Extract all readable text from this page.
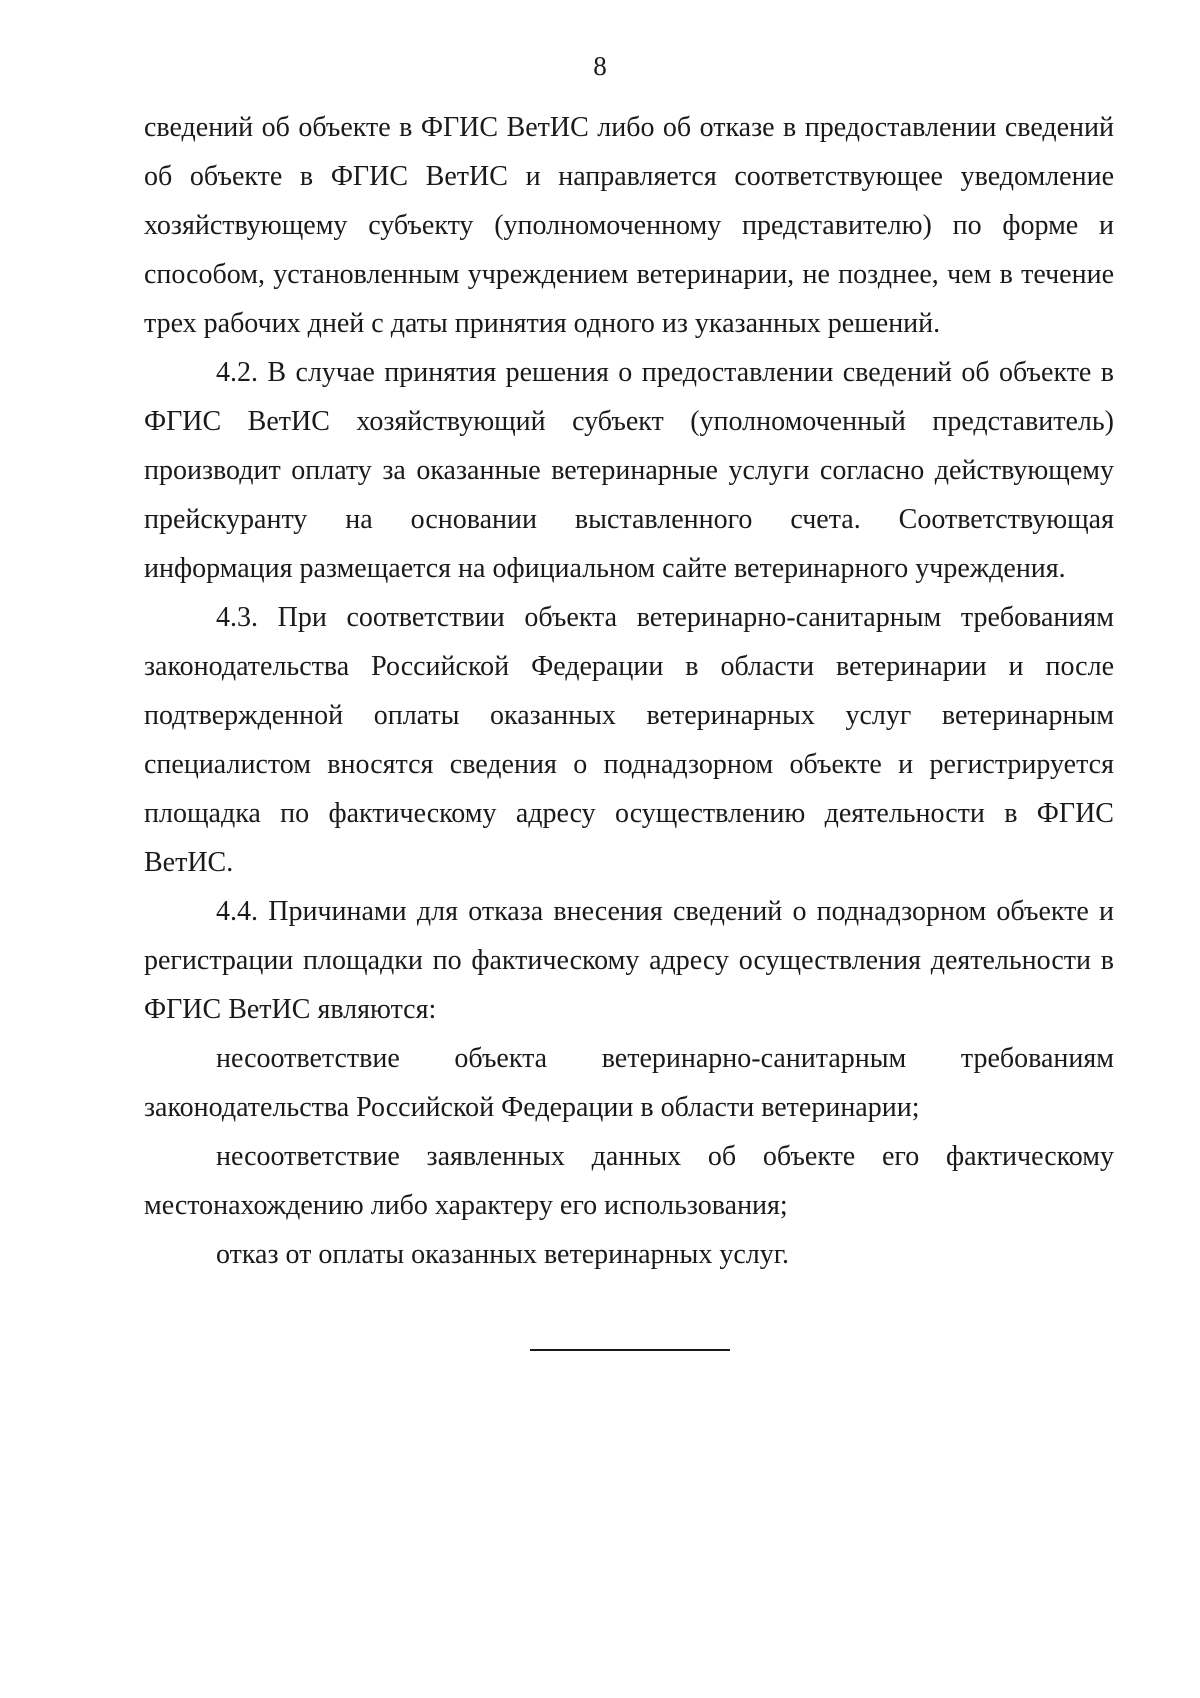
8

сведений об объекте в ФГИС ВетИС либо об отказе в предоставлении сведений об объекте в ФГИС ВетИС и направляется соответствующее уведомление хозяйствующему субъекту (уполномоченному представителю) по форме и способом, установленным учреждением ветеринарии, не позднее, чем в течение трех рабочих дней с даты принятия одного из указанных решений.

4.2. В случае принятия решения о предоставлении сведений об объекте в ФГИС ВетИС хозяйствующий субъект (уполномоченный представитель) производит оплату за оказанные ветеринарные услуги согласно действующему прейскуранту на основании выставленного счета. Соответствующая информация размещается на официальном сайте ветеринарного учреждения.

4.3. При соответствии объекта ветеринарно-санитарным требованиям законодательства Российской Федерации в области ветеринарии и после подтвержденной оплаты оказанных ветеринарных услуг ветеринарным специалистом вносятся сведения о поднадзорном объекте и регистрируется площадка по фактическому адресу осуществлению деятельности в ФГИС ВетИС.

4.4. Причинами для отказа внесения сведений о поднадзорном объекте и регистрации площадки по фактическому адресу осуществления деятельности в ФГИС ВетИС являются:

несоответствие объекта ветеринарно-санитарным требованиям законодательства Российской Федерации в области ветеринарии;

несоответствие заявленных данных об объекте его фактическому местонахождению либо характеру его использования;

отказ от оплаты оказанных ветеринарных услуг.
